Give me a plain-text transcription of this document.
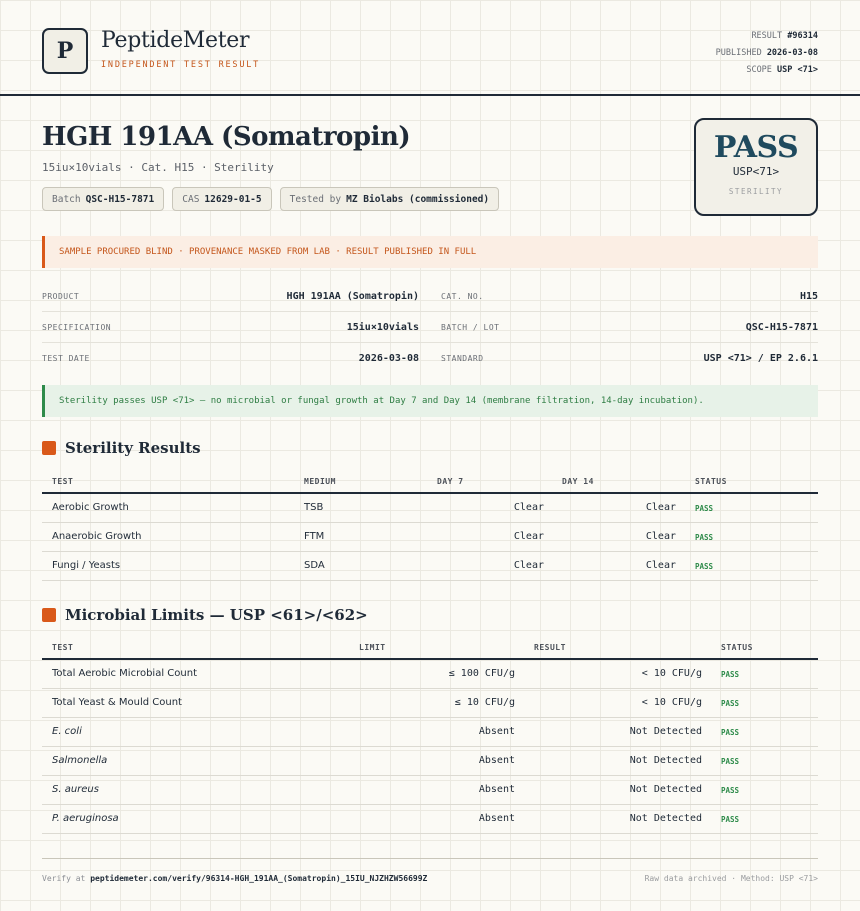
P PeptideMeter
INDEPENDENT TEST RESULT
RESULT #96314
PUBLISHED 2026-03-08
SCOPE USP <71>
HGH 191AA (Somatropin)
15iu×10vials · Cat. H15 · Sterility
Batch QSC-H15-7871	CAS 12629-01-5	Tested by MZ Biolabs (commissioned)
PASS
USP<71>
STERILITY
SAMPLE PROCURED BLIND · PROVENANCE MASKED FROM LAB · RESULT PUBLISHED IN FULL
PRODUCT	HGH 191AA (Somatropin)	CAT. NO.	H15
SPECIFICATION	15iu×10vials	BATCH / LOT	QSC-H15-7871
TEST DATE	2026-03-08	STANDARD	USP <71> / EP 2.6.1
Sterility passes USP <71> — no microbial or fungal growth at Day 7 and Day 14 (membrane filtration, 14-day incubation).
Sterility Results
TEST	MEDIUM	DAY 7	DAY 14	STATUS
Aerobic Growth	TSB	Clear	Clear	PASS
Anaerobic Growth	FTM	Clear	Clear	PASS
Fungi / Yeasts	SDA	Clear	Clear	PASS
Microbial Limits — USP <61>/<62>
TEST	LIMIT	RESULT	STATUS
Total Aerobic Microbial Count	≤ 100 CFU/g	< 10 CFU/g	PASS
Total Yeast & Mould Count	≤ 10 CFU/g	< 10 CFU/g	PASS
E. coli	Absent	Not Detected	PASS
Salmonella	Absent	Not Detected	PASS
S. aureus	Absent	Not Detected	PASS
P. aeruginosa	Absent	Not Detected	PASS
Verify at peptidemeter.com/verify/96314-HGH_191AA_(Somatropin)_15IU_NJZHZW56699Z	Raw data archived · Method: USP <71>
